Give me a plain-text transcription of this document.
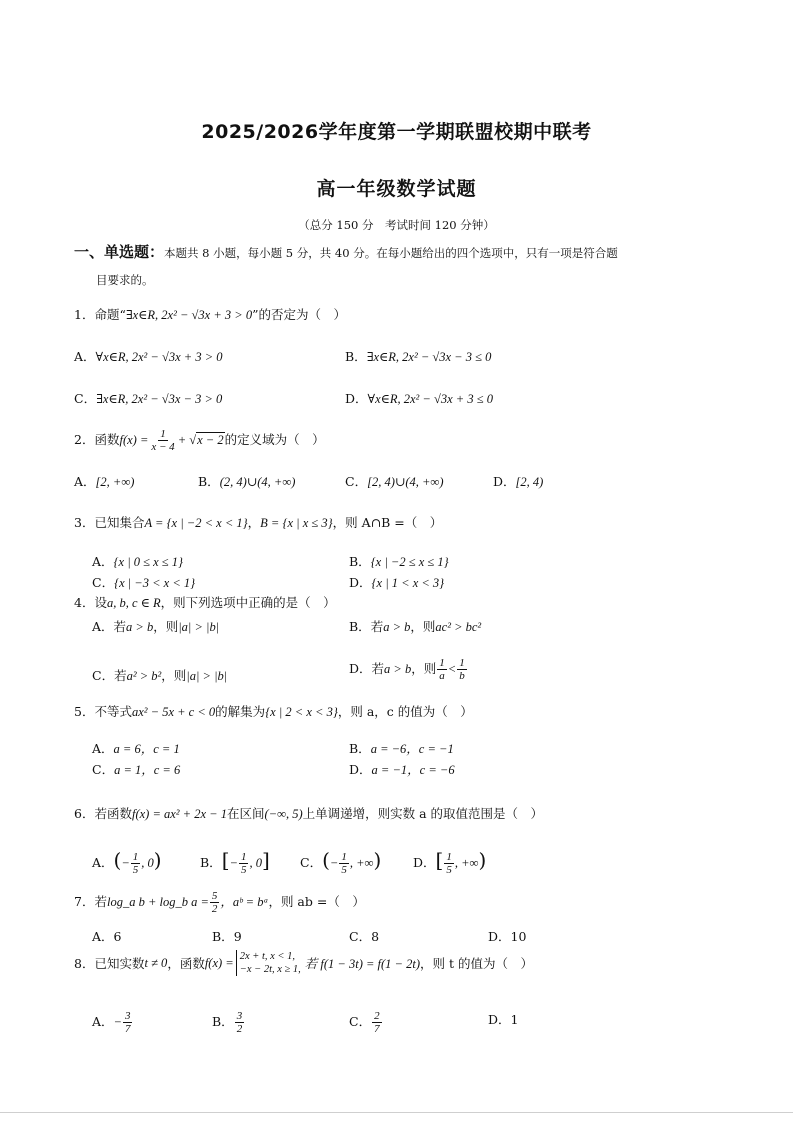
2025/2026学年度第一学期联盟校期中联考
高一年级数学试题
（总分 150 分　考试时间 120 分钟）
一、单选题：本题共 8 小题，每小题 5 分，共 40 分。在每小题给出的四个选项中，只有一项是符合题
目要求的。
1．命题“∃x∈R, 2x² − √3x + 3 > 0”的否定为（　）
A．∀x∈R, 2x² − √3x + 3 > 0	B．∃x∈R, 2x² − √3x − 3 ≤ 0
C．∃x∈R, 2x² − √3x − 3 > 0	D．∀x∈R, 2x² − √3x + 3 ≤ 0
2．函数$f(x) = \frac{1}{x - 4} + √x - 2$的定义域为（　）
A．[2, +∞)	B．(2, 4)∪(4, +∞)	C．[2, 4)∪(4, +∞)	D．[2, 4)
3．已知集合A = {x | −2 < x < 1}，B = {x | x ≤ 3}，则 A∩B =（　）
A．{x | 0 ≤ x ≤ 1}	B．{x | −2 ≤ x ≤ 1}
C．{x | −3 < x < 1}	D．{x | 1 < x < 3}
4．设a, b, c ∈ R，则下列选项中正确的是（　）
A．若a > b，则|a| > |b|	B．若a > b，则ac² > bc²
C．若a² > b²，则|a| > |b|	D．若a > b，则 $\frac{1}{a} < \frac{1}{b}$
5．不等式ax² − 5x + c < 0的解集为{x | 2 < x < 3}，则 a，c 的值为（　）
A．a = 6，c = 1	B．a = −6，c = −1
C．a = 1，c = 6	D．a = −1，c = −6
6．若函数f(x) = ax² + 2x − 1在区间(−∞, 5)上单调递增，则实数 a 的取值范围是（　）
A．(− $\frac{1}{5}$ , 0)	B．[− $\frac{1}{5}$ , 0] C．(− $\frac{1}{5}$ , +∞)	D．[ $\frac{1}{5}$ , +∞)
7．若log_a b + log_b $a = \frac{5}{2}$ ，aᵇ = bᵃ，则 ab =（　）
A．6	B．9	C．8	D．10
8． 已知实数 t ≠ 0 ，函数 f(x) = 2x + t, x < 1,
−x − 2t, x ≥ 1, 若 f(1 − 3t) = f(1 − 2t) ，则 t 的值为（　）
A．− $\frac{3}{7}$	B． $\frac{3}{2}$	C． $\frac{2}{7}$	D．1
